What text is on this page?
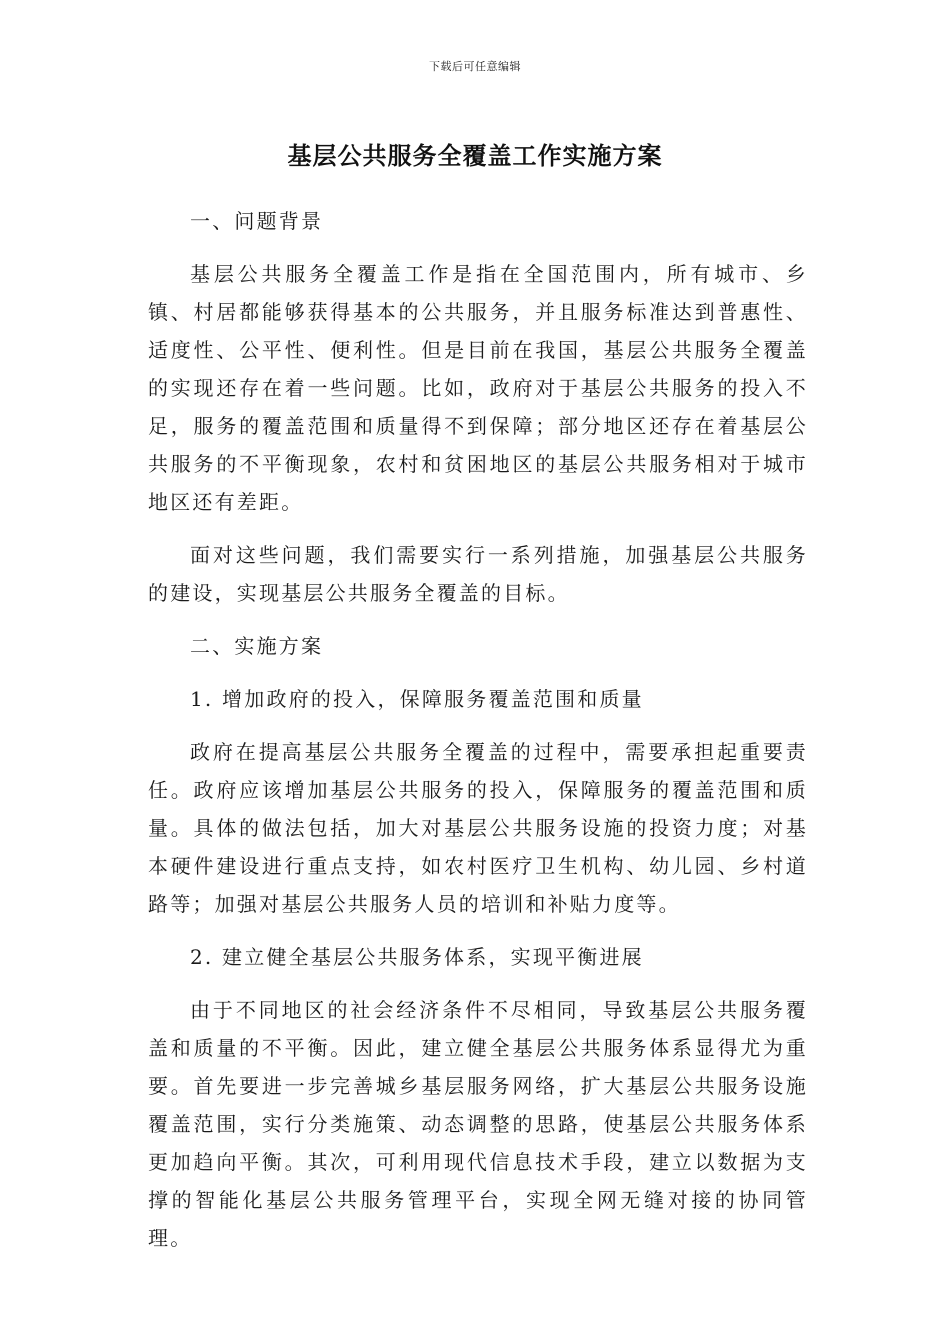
下载后可任意编辑
基层公共服务全覆盖工作实施方案

一、问题背景

基层公共服务全覆盖工作是指在全国范围内，所有城市、乡镇、村居都能够获得基本的公共服务，并且服务标准达到普惠性、适度性、公平性、便利性。但是目前在我国，基层公共服务全覆盖的实现还存在着一些问题。比如，政府对于基层公共服务的投入不足，服务的覆盖范围和质量得不到保障；部分地区还存在着基层公共服务的不平衡现象，农村和贫困地区的基层公共服务相对于城市地区还有差距。

面对这些问题，我们需要实行一系列措施，加强基层公共服务的建设，实现基层公共服务全覆盖的目标。

二、实施方案

1. 增加政府的投入，保障服务覆盖范围和质量

政府在提高基层公共服务全覆盖的过程中，需要承担起重要责任。政府应该增加基层公共服务的投入，保障服务的覆盖范围和质量。具体的做法包括，加大对基层公共服务设施的投资力度；对基本硬件建设进行重点支持，如农村医疗卫生机构、幼儿园、乡村道路等；加强对基层公共服务人员的培训和补贴力度等。

2. 建立健全基层公共服务体系，实现平衡进展

由于不同地区的社会经济条件不尽相同，导致基层公共服务覆盖和质量的不平衡。因此，建立健全基层公共服务体系显得尤为重要。首先要进一步完善城乡基层服务网络，扩大基层公共服务设施覆盖范围，实行分类施策、动态调整的思路，使基层公共服务体系更加趋向平衡。其次，可利用现代信息技术手段，建立以数据为支撑的智能化基层公共服务管理平台，实现全网无缝对接的协同管理。
